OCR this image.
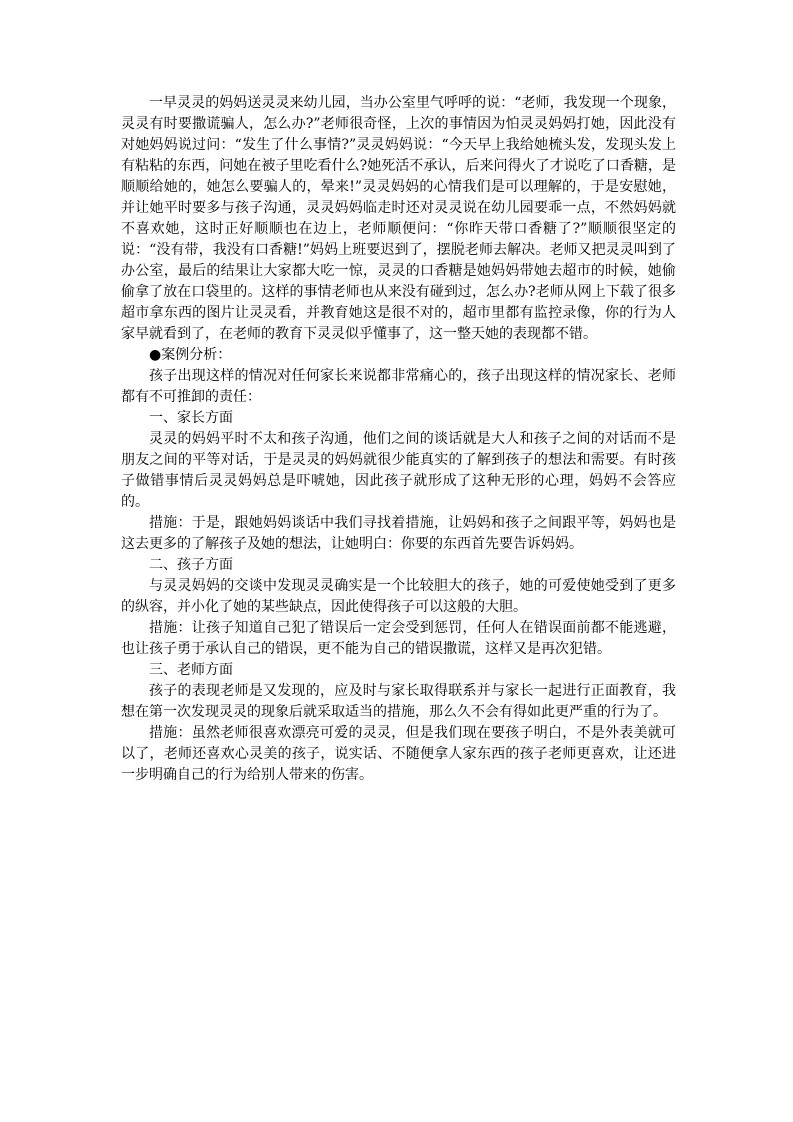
一早灵灵的妈妈送灵灵来幼儿园，当办公室里气呼呼的说：“老师，我发现一个现象，灵灵有时要撒谎骗人，怎么办?”老师很奇怪，上次的事情因为怕灵灵妈妈打她，因此没有对她妈妈说过问：“发生了什么事情?”灵灵妈妈说：“今天早上我给她梳头发，发现头发上有粘粘的东西，问她在被子里吃看什么?她死活不承认，后来问得火了才说吃了口香糖，是顺顺给她的，她怎么要骗人的，晕来!”灵灵妈妈的心情我们是可以理解的，于是安慰她，并让她平时要多与孩子沟通，灵灵妈妈临走时还对灵灵说在幼儿园要乖一点，不然妈妈就不喜欢她，这时正好顺顺也在边上，老师顺便问：“你昨天带口香糖了?”顺顺很坚定的说：“没有带，我没有口香糖!”妈妈上班要迟到了，摆脱老师去解决。老师又把灵灵叫到了办公室，最后的结果让大家都大吃一惊，灵灵的口香糖是她妈妈带她去超市的时候，她偷偷拿了放在口袋里的。这样的事情老师也从来没有碰到过，怎么办?老师从网上下载了很多超市拿东西的图片让灵灵看，并教育她这是很不对的，超市里都有监控录像，你的行为人家早就看到了，在老师的教育下灵灵似乎懂事了，这一整天她的表现都不错。

●案例分析：

孩子出现这样的情况对任何家长来说都非常痛心的，孩子出现这样的情况家长、老师都有不可推卸的责任：

一、家长方面

灵灵的妈妈平时不太和孩子沟通，他们之间的谈话就是大人和孩子之间的对话而不是朋友之间的平等对话，于是灵灵的妈妈就很少能真实的了解到孩子的想法和需要。有时孩子做错事情后灵灵妈妈总是吓唬她，因此孩子就形成了这种无形的心理，妈妈不会答应的。

措施：于是，跟她妈妈谈话中我们寻找着措施，让妈妈和孩子之间跟平等，妈妈也是这去更多的了解孩子及她的想法，让她明白：你要的东西首先要告诉妈妈。

二、孩子方面

与灵灵妈妈的交谈中发现灵灵确实是一个比较胆大的孩子，她的可爱使她受到了更多的纵容，并小化了她的某些缺点，因此使得孩子可以这般的大胆。

措施：让孩子知道自己犯了错误后一定会受到惩罚，任何人在错误面前都不能逃避，也让孩子勇于承认自己的错误，更不能为自己的错误撒谎，这样又是再次犯错。

三、老师方面

孩子的表现老师是又发现的，应及时与家长取得联系并与家长一起进行正面教育，我想在第一次发现灵灵的现象后就采取适当的措施，那么久不会有得如此更严重的行为了。

措施：虽然老师很喜欢漂亮可爱的灵灵，但是我们现在要孩子明白，不是外表美就可以了，老师还喜欢心灵美的孩子，说实话、不随便拿人家东西的孩子老师更喜欢，让还进一步明确自己的行为给别人带来的伤害。
